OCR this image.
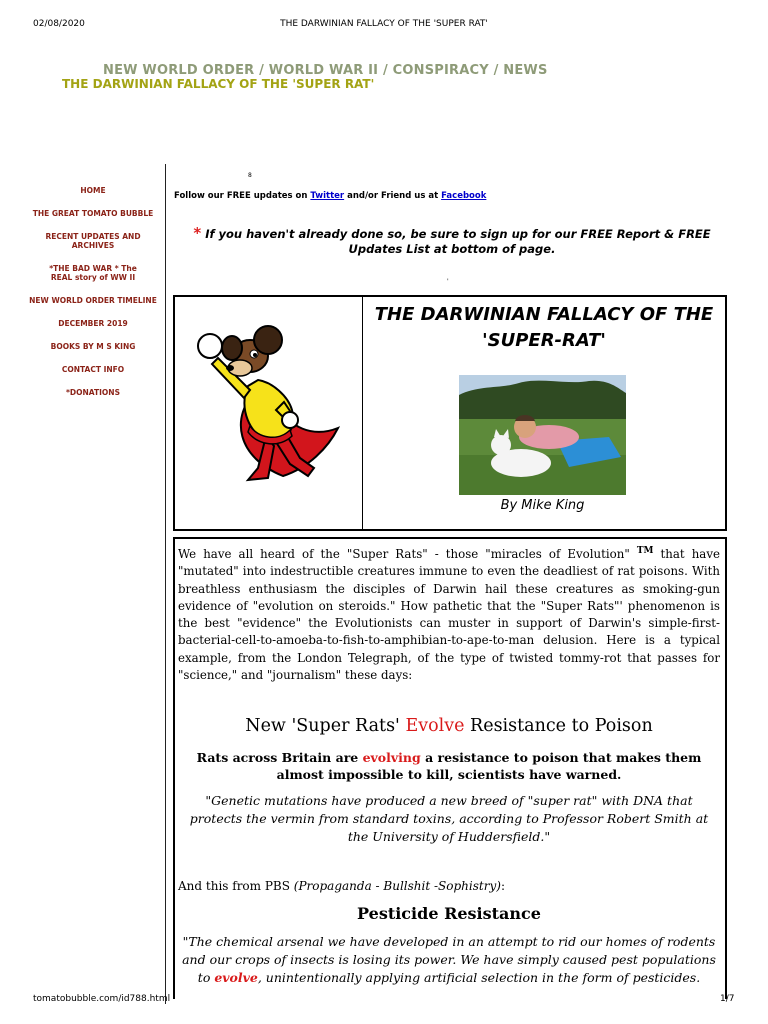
02/08/2020	THE DARWINIAN FALLACY OF THE 'SUPER RAT'
NEW WORLD ORDER / WORLD WAR II / CONSPIRACY / NEWS
THE DARWINIAN FALLACY OF THE 'SUPER RAT'
HOME
THE GREAT TOMATO BUBBLE
RECENT UPDATES AND ARCHIVES
*THE BAD WAR * The REAL story of WW II
NEW WORLD ORDER TIMELINE
DECEMBER 2019
BOOKS BY M S KING
CONTACT INFO
*DONATIONS
8
'
Follow our FREE updates on Twitter and/or Friend us at Facebook
* If you haven't already done so, be sure to sign up for our FREE Report & FREE Updates List at bottom of page.
THE DARWINIAN FALLACY OF THE 'SUPER-RAT'
By Mike King
We have all heard of the "Super Rats" - those "miracles of Evolution" ™ that have "mutated" into indestructible creatures immune to even the deadliest of rat poisons. With breathless enthusiasm the disciples of Darwin hail these creatures as smoking-gun evidence of "evolution on steroids." How pathetic that the "Super Rats"' phenomenon is the best "evidence" the Evolutionists can muster in support of Darwin's simple-first-bacterial-cell-to-amoeba-to-fish-to-amphibian-to-ape-to-man delusion. Here is a typical example, from the London Telegraph, of the type of twisted tommy-rot that passes for "science," and "journalism" these days:
New 'Super Rats' Evolve Resistance to Poison
Rats across Britain are evolving a resistance to poison that makes them almost impossible to kill, scientists have warned.
"Genetic mutations have produced a new breed of "super rat" with DNA that protects the vermin from standard toxins, according to Professor Robert Smith at the University of Huddersfield."
And this from PBS (Propaganda - Bullshit -Sophistry):
Pesticide Resistance
"The chemical arsenal we have developed in an attempt to rid our homes of rodents and our crops of insects is losing its power. We have simply caused pest populations to evolve, unintentionally applying artificial selection in the form of pesticides.
tomatobubble.com/id788.html	1/7
